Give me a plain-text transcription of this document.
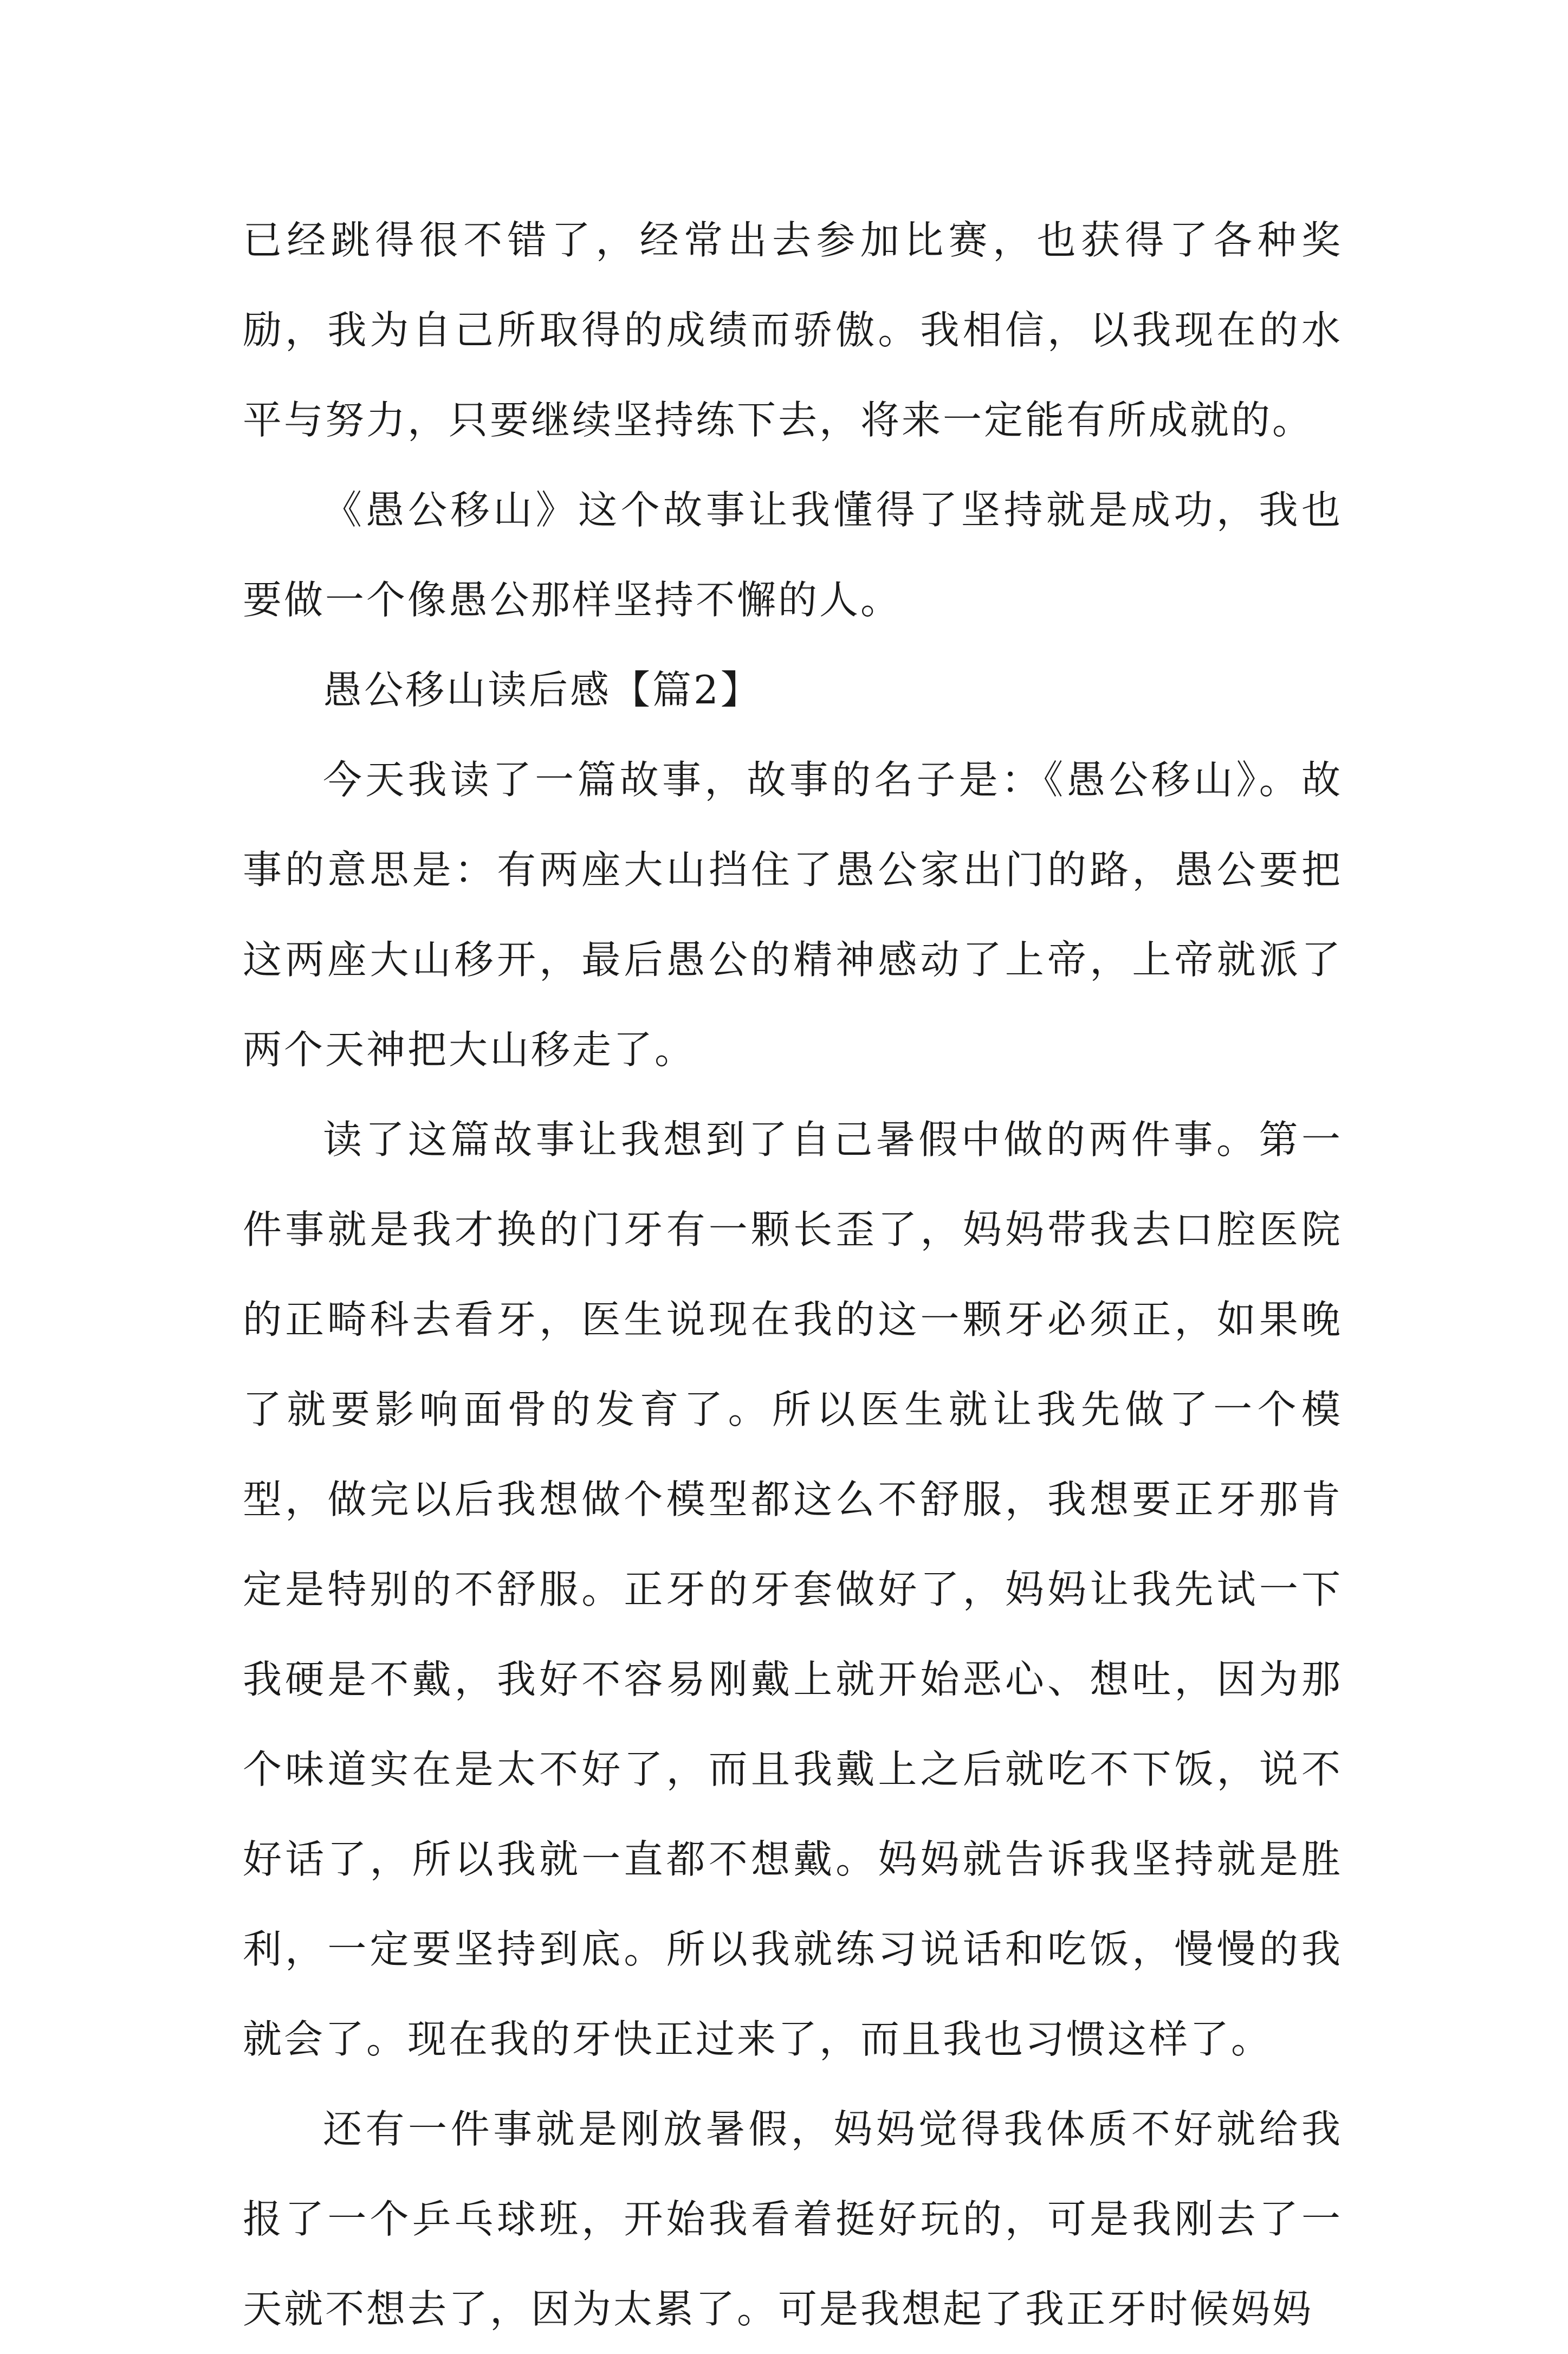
已经跳得很不错了，经常出去参加比赛，也获得了各种奖励，我为自己所取得的成绩而骄傲。我相信，以我现在的水平与努力，只要继续坚持练下去，将来一定能有所成就的。

《愚公移山》这个故事让我懂得了坚持就是成功，我也要做一个像愚公那样坚持不懈的人。

愚公移山读后感【篇2】

今天我读了一篇故事，故事的名子是：《愚公移山》。故事的意思是：有两座大山挡住了愚公家出门的路，愚公要把这两座大山移开，最后愚公的精神感动了上帝，上帝就派了两个天神把大山移走了。

读了这篇故事让我想到了自己暑假中做的两件事。第一件事就是我才换的门牙有一颗长歪了，妈妈带我去口腔医院的正畸科去看牙，医生说现在我的这一颗牙必须正，如果晚了就要影响面骨的发育了。所以医生就让我先做了一个模型，做完以后我想做个模型都这么不舒服，我想要正牙那肯定是特别的不舒服。正牙的牙套做好了，妈妈让我先试一下我硬是不戴，我好不容易刚戴上就开始恶心、想吐，因为那个味道实在是太不好了，而且我戴上之后就吃不下饭，说不好话了，所以我就一直都不想戴。妈妈就告诉我坚持就是胜利，一定要坚持到底。所以我就练习说话和吃饭，慢慢的我就会了。现在我的牙快正过来了，而且我也习惯这样了。

还有一件事就是刚放暑假，妈妈觉得我体质不好就给我报了一个乒乓球班，开始我看着挺好玩的，可是我刚去了一天就不想去了，因为太累了。可是我想起了我正牙时候妈妈
